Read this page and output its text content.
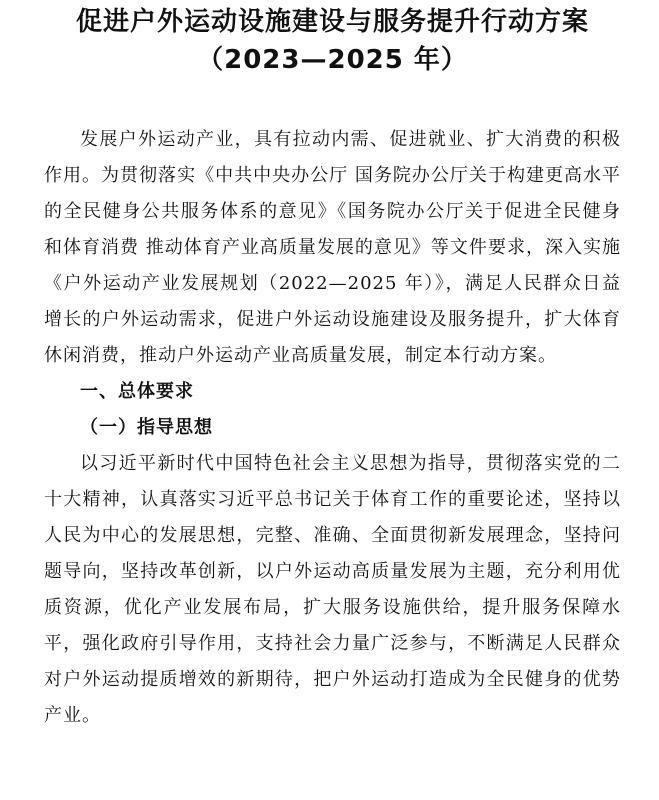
促进户外运动设施建设与服务提升行动方案
（2023—2025 年）

发展户外运动产业，具有拉动内需、促进就业、扩大消费的积极作用。为贯彻落实《中共中央办公厅 国务院办公厅关于构建更高水平的全民健身公共服务体系的意见》《国务院办公厅关于促进全民健身和体育消费 推动体育产业高质量发展的意见》等文件要求，深入实施《户外运动产业发展规划（2022—2025 年）》，满足人民群众日益增长的户外运动需求，促进户外运动设施建设及服务提升，扩大体育休闲消费，推动户外运动产业高质量发展，制定本行动方案。

一、总体要求
（一）指导思想

以习近平新时代中国特色社会主义思想为指导，贯彻落实党的二十大精神，认真落实习近平总书记关于体育工作的重要论述，坚持以人民为中心的发展思想，完整、准确、全面贯彻新发展理念，坚持问题导向，坚持改革创新，以户外运动高质量发展为主题，充分利用优质资源，优化产业发展布局，扩大服务设施供给，提升服务保障水平，强化政府引导作用，支持社会力量广泛参与，不断满足人民群众对户外运动提质增效的新期待，把户外运动打造成为全民健身的优势产业。
